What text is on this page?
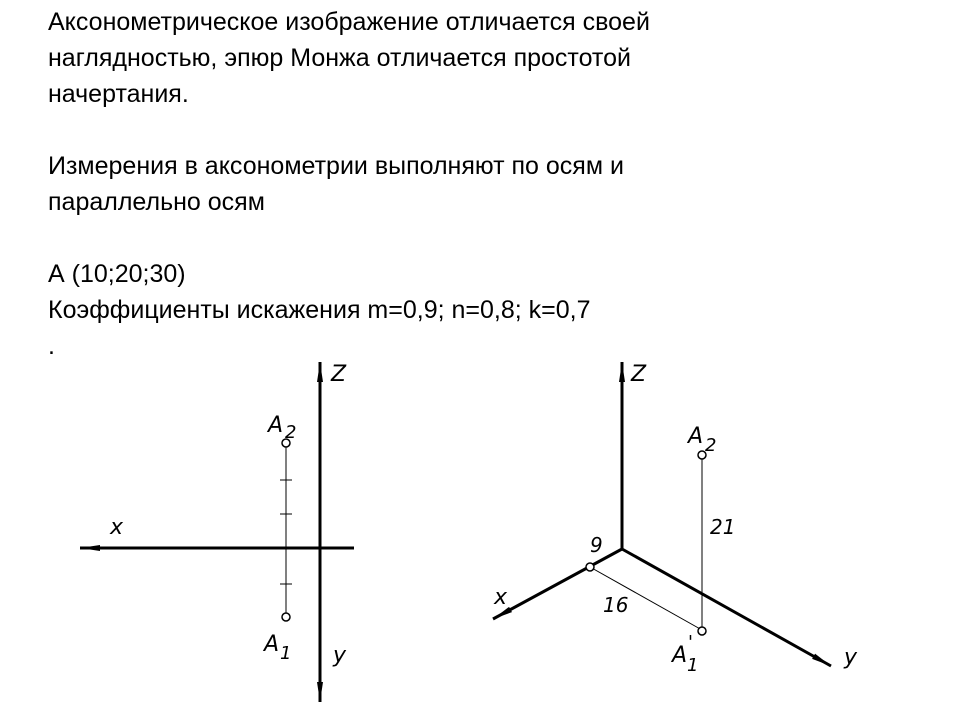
Аксонометрическое изображение отличается своей

наглядностью, эпюр Монжа отличается простотой

начертания.

Измерения в аксонометрии выполняют по осям и

параллельно осям

А (10;20;30)

Коэффициенты искажения m=0,9; n=0,8; k=0,7

.

Z
x
y
A 2
A 1
Z
x
y
9
21
16
A 2
A
'
1
